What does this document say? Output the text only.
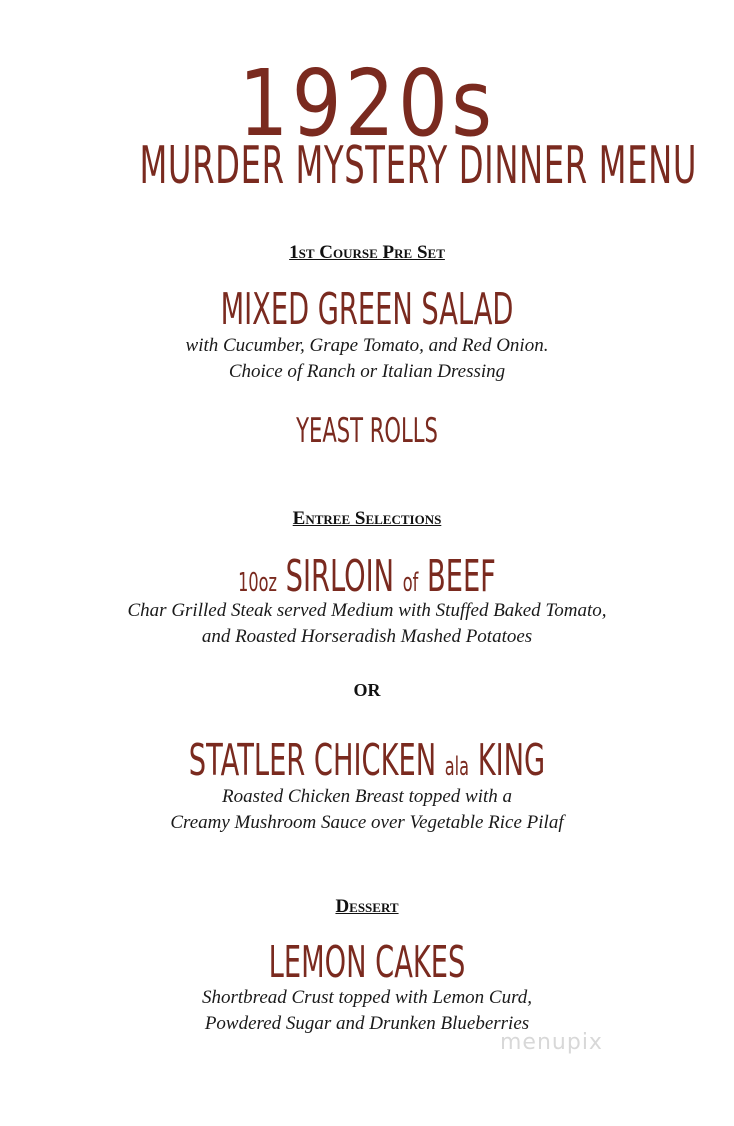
1920s
MURDER MYSTERY DINNER MENU
1st Course Pre Set
MIXED GREEN SALAD
with Cucumber, Grape Tomato, and Red Onion.
Choice of Ranch or Italian Dressing
YEAST ROLLS
Entree Selections
10oz SIRLOIN of BEEF
Char Grilled Steak served Medium with Stuffed Baked Tomato,
and Roasted Horseradish Mashed Potatoes
OR
STATLER CHICKEN ala KING
Roasted Chicken Breast topped with a
Creamy Mushroom Sauce over Vegetable Rice Pilaf
Dessert
LEMON CAKES
Shortbread Crust topped with Lemon Curd,
Powdered Sugar and Drunken Blueberries
menupix
